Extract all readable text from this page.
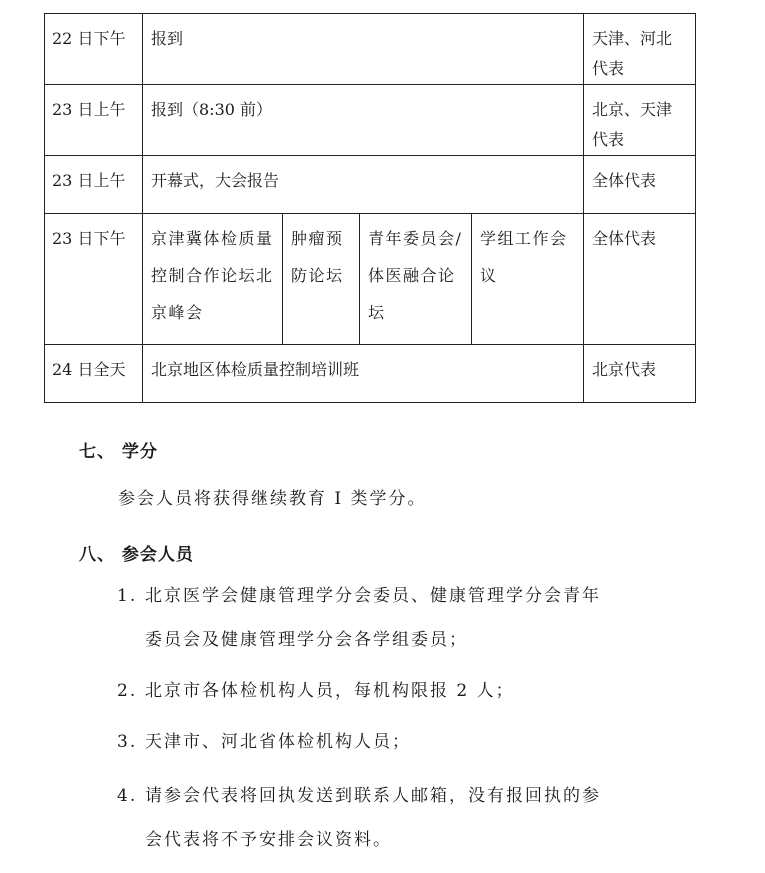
22 日下午	报到				天津、河北代表
23 日上午	报到（8:30 前）				北京、天津代表
23 日上午	开幕式，大会报告				全体代表
23 日下午	京津冀体检质量控制合作论坛北京峰会	肿瘤预防论坛	青年委员会/体医融合论坛	学组工作会议	全体代表
24 日全天	北京地区体检质量控制培训班				北京代表
七、 学分
参会人员将获得继续教育 I 类学分。
八、 参会人员
1. 北京医学会健康管理学分会委员、健康管理学分会青年
委员会及健康管理学分会各学组委员；
2. 北京市各体检机构人员，每机构限报 2 人；
3. 天津市、河北省体检机构人员；
4. 请参会代表将回执发送到联系人邮箱，没有报回执的参
会代表将不予安排会议资料。
